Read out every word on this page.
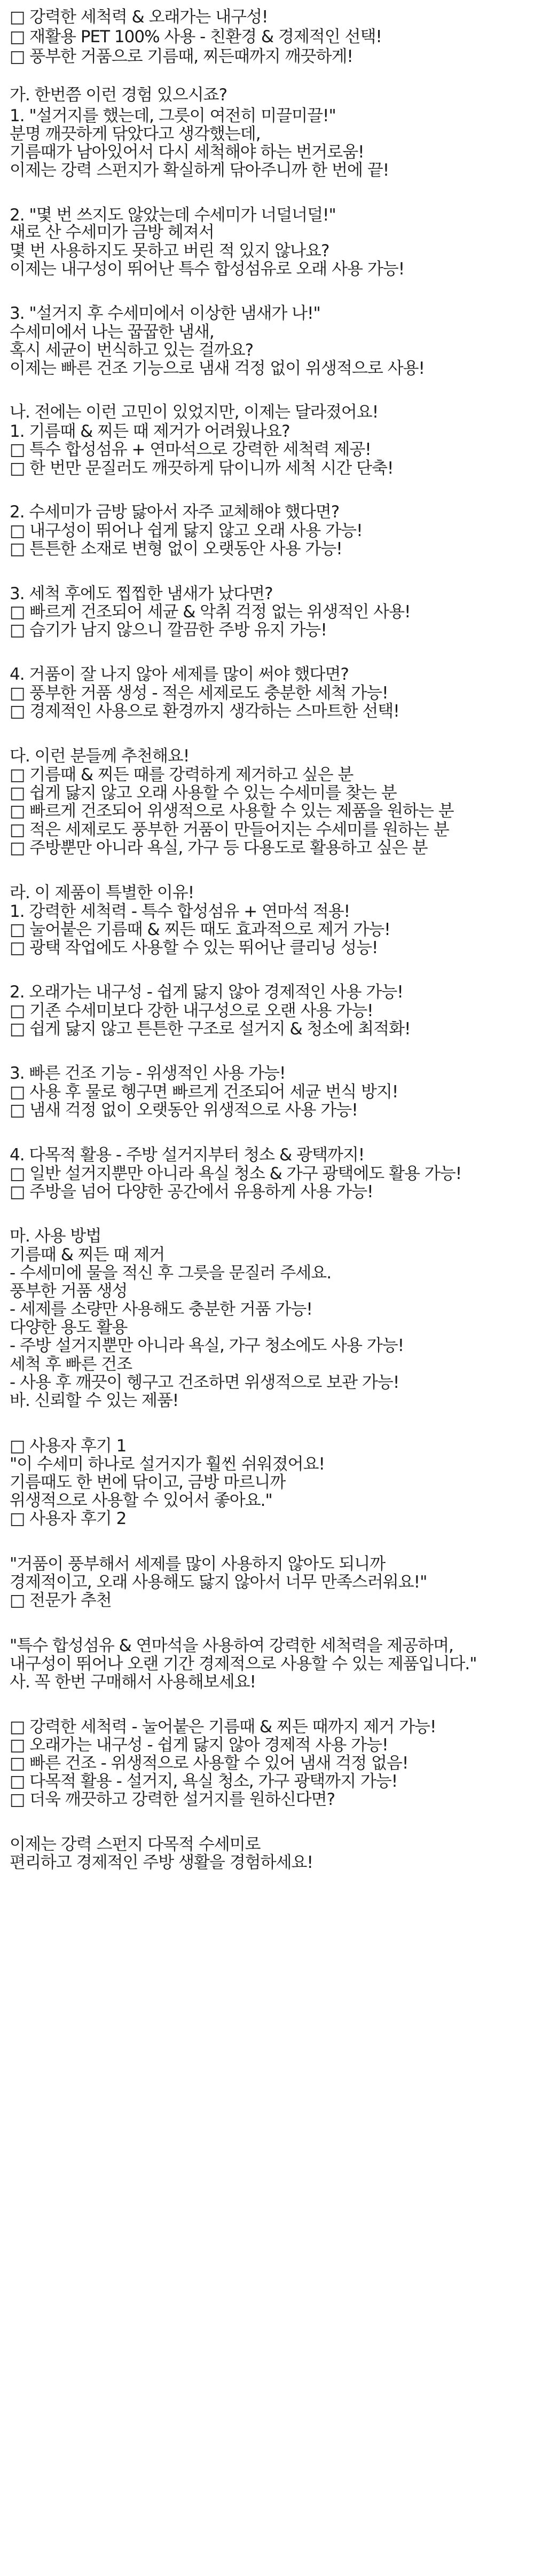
□ 강력한 세척력 & 오래가는 내구성!
□ 재활용 PET 100% 사용 - 친환경 & 경제적인 선택!
□ 풍부한 거품으로 기름때, 찌든때까지 깨끗하게!
가. 한번쯤 이런 경험 있으시죠?
1. "설거지를 했는데, 그릇이 여전히 미끌미끌!"
분명 깨끗하게 닦았다고 생각했는데,
기름때가 남아있어서 다시 세척해야 하는 번거로움!
이제는 강력 스펀지가 확실하게 닦아주니까 한 번에 끝!
2. "몇 번 쓰지도 않았는데 수세미가 너덜너덜!"
새로 산 수세미가 금방 헤져서
몇 번 사용하지도 못하고 버린 적 있지 않나요?
이제는 내구성이 뛰어난 특수 합성섬유로 오래 사용 가능!
3. "설거지 후 수세미에서 이상한 냄새가 나!"
수세미에서 나는 꿉꿉한 냄새,
혹시 세균이 번식하고 있는 걸까요?
이제는 빠른 건조 기능으로 냄새 걱정 없이 위생적으로 사용!
나. 전에는 이런 고민이 있었지만, 이제는 달라졌어요!
1. 기름때 & 찌든 때 제거가 어려웠나요?
□ 특수 합성섬유 + 연마석으로 강력한 세척력 제공!
□ 한 번만 문질러도 깨끗하게 닦이니까 세척 시간 단축!
2. 수세미가 금방 닳아서 자주 교체해야 했다면?
□ 내구성이 뛰어나 쉽게 닳지 않고 오래 사용 가능!
□ 튼튼한 소재로 변형 없이 오랫동안 사용 가능!
3. 세척 후에도 찝찝한 냄새가 났다면?
□ 빠르게 건조되어 세균 & 악취 걱정 없는 위생적인 사용!
□ 습기가 남지 않으니 깔끔한 주방 유지 가능!
4. 거품이 잘 나지 않아 세제를 많이 써야 했다면?
□ 풍부한 거품 생성 - 적은 세제로도 충분한 세척 가능!
□ 경제적인 사용으로 환경까지 생각하는 스마트한 선택!
다. 이런 분들께 추천해요!
□ 기름때 & 찌든 때를 강력하게 제거하고 싶은 분
□ 쉽게 닳지 않고 오래 사용할 수 있는 수세미를 찾는 분
□ 빠르게 건조되어 위생적으로 사용할 수 있는 제품을 원하는 분
□ 적은 세제로도 풍부한 거품이 만들어지는 수세미를 원하는 분
□ 주방뿐만 아니라 욕실, 가구 등 다용도로 활용하고 싶은 분
라. 이 제품이 특별한 이유!
1. 강력한 세척력 - 특수 합성섬유 + 연마석 적용!
□ 눌어붙은 기름때 & 찌든 때도 효과적으로 제거 가능!
□ 광택 작업에도 사용할 수 있는 뛰어난 클리닝 성능!
2. 오래가는 내구성 - 쉽게 닳지 않아 경제적인 사용 가능!
□ 기존 수세미보다 강한 내구성으로 오랜 사용 가능!
□ 쉽게 닳지 않고 튼튼한 구조로 설거지 & 청소에 최적화!
3. 빠른 건조 기능 - 위생적인 사용 가능!
□ 사용 후 물로 헹구면 빠르게 건조되어 세균 번식 방지!
□ 냄새 걱정 없이 오랫동안 위생적으로 사용 가능!
4. 다목적 활용 - 주방 설거지부터 청소 & 광택까지!
□ 일반 설거지뿐만 아니라 욕실 청소 & 가구 광택에도 활용 가능!
□ 주방을 넘어 다양한 공간에서 유용하게 사용 가능!
마. 사용 방법
기름때 & 찌든 때 제거
- 수세미에 물을 적신 후 그릇을 문질러 주세요.
풍부한 거품 생성
- 세제를 소량만 사용해도 충분한 거품 가능!
다양한 용도 활용
- 주방 설거지뿐만 아니라 욕실, 가구 청소에도 사용 가능!
세척 후 빠른 건조
- 사용 후 깨끗이 헹구고 건조하면 위생적으로 보관 가능!
바. 신뢰할 수 있는 제품!
□ 사용자 후기 1
"이 수세미 하나로 설거지가 훨씬 쉬워졌어요!
기름때도 한 번에 닦이고, 금방 마르니까
위생적으로 사용할 수 있어서 좋아요."
□ 사용자 후기 2
"거품이 풍부해서 세제를 많이 사용하지 않아도 되니까
경제적이고, 오래 사용해도 닳지 않아서 너무 만족스러워요!"
□ 전문가 추천
"특수 합성섬유 & 연마석을 사용하여 강력한 세척력을 제공하며,
내구성이 뛰어나 오랜 기간 경제적으로 사용할 수 있는 제품입니다."
사. 꼭 한번 구매해서 사용해보세요!
□ 강력한 세척력 - 눌어붙은 기름때 & 찌든 때까지 제거 가능!
□ 오래가는 내구성 - 쉽게 닳지 않아 경제적 사용 가능!
□ 빠른 건조 - 위생적으로 사용할 수 있어 냄새 걱정 없음!
□ 다목적 활용 - 설거지, 욕실 청소, 가구 광택까지 가능!
□ 더욱 깨끗하고 강력한 설거지를 원하신다면?
이제는 강력 스펀지 다목적 수세미로
편리하고 경제적인 주방 생활을 경험하세요!
